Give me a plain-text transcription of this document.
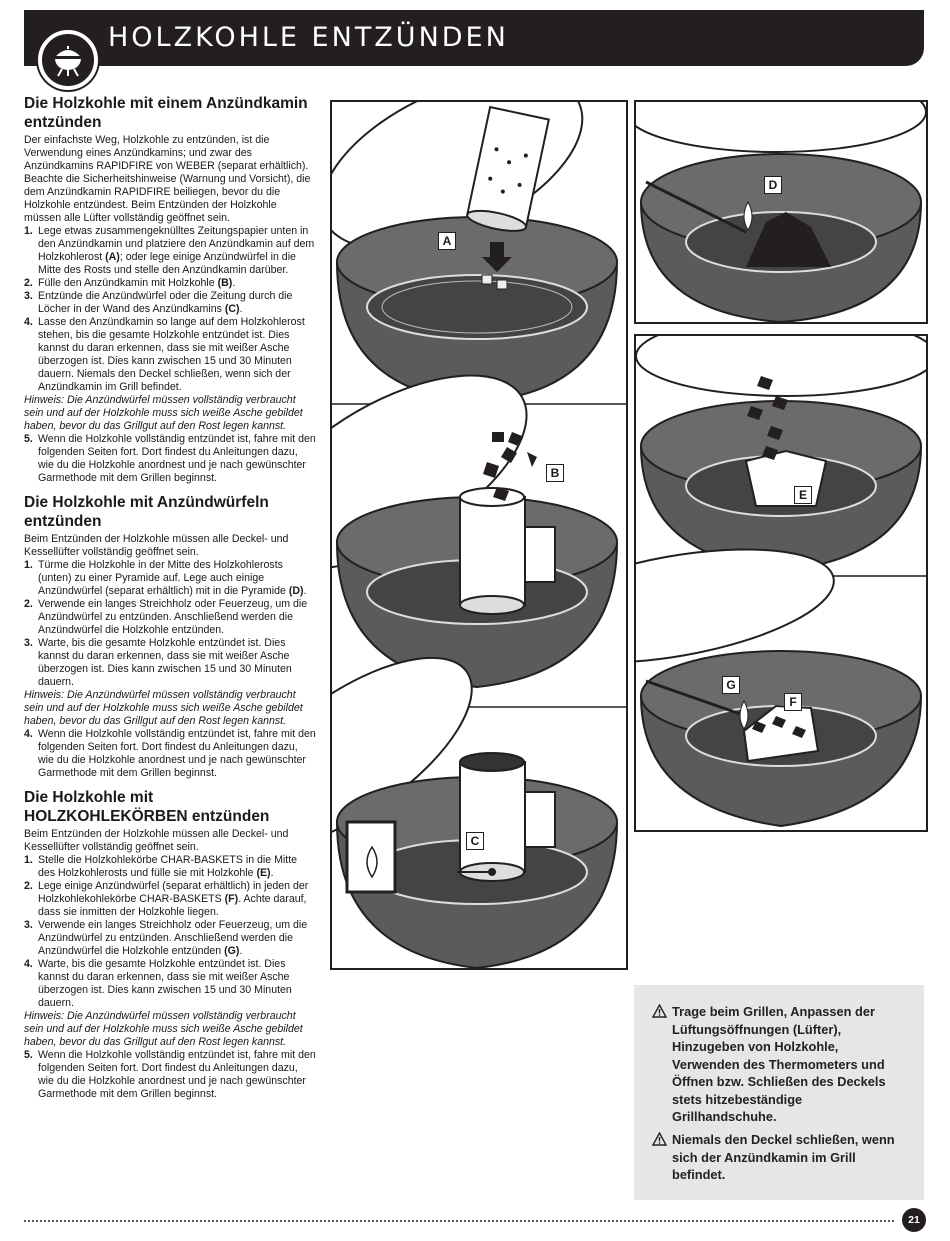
HOLZKOHLE ENTZÜNDEN
Die Holzkohle mit einem Anzündkamin entzünden

Der einfachste Weg, Holzkohle zu entzünden, ist die Verwendung eines Anzündkamins; und zwar des Anzündkamins RAPIDFIRE von WEBER (separat erhältlich). Beachte die Sicherheitshinweise (Warnung und Vorsicht), die dem Anzündkamin RAPIDFIRE beiliegen, bevor du die Holzkohle entzündest. Beim Entzünden der Holzkohle müssen alle Lüfter vollständig geöffnet sein.

1. Lege etwas zusammengeknülltes Zeitungspapier unten in den Anzündkamin und platziere den Anzündkamin auf dem Holzkohlerost (A); oder lege einige Anzündwürfel in die Mitte des Rosts und stelle den Anzündkamin darüber.
2. Fülle den Anzündkamin mit Holzkohle (B).
3. Entzünde die Anzündwürfel oder die Zeitung durch die Löcher in der Wand des Anzündkamins (C).
4. Lasse den Anzündkamin so lange auf dem Holzkohlerost stehen, bis die gesamte Holzkohle entzündet ist. Dies kannst du daran erkennen, dass sie mit weißer Asche überzogen ist. Dies kann zwischen 15 und 30 Minuten dauern. Niemals den Deckel schließen, wenn sich der Anzündkamin im Grill befindet.

Hinweis: Die Anzündwürfel müssen vollständig verbraucht sein und auf der Holzkohle muss sich weiße Asche gebildet haben, bevor du das Grillgut auf den Rost legen kannst.

5. Wenn die Holzkohle vollständig entzündet ist, fahre mit den folgenden Seiten fort. Dort findest du Anleitungen dazu, wie du die Holzkohle anordnest und je nach gewünschter Garmethode mit dem Grillen beginnst.
Die Holzkohle mit Anzündwürfeln entzünden

Beim Entzünden der Holzkohle müssen alle Deckel- und Kessellüfter vollständig geöffnet sein.

1. Türme die Holzkohle in der Mitte des Holzkohlerosts (unten) zu einer Pyramide auf. Lege auch einige Anzündwürfel (separat erhältlich) mit in die Pyramide (D).
2. Verwende ein langes Streichholz oder Feuerzeug, um die Anzündwürfel zu entzünden. Anschließend werden die Anzündwürfel die Holzkohle entzünden.
3. Warte, bis die gesamte Holzkohle entzündet ist. Dies kannst du daran erkennen, dass sie mit weißer Asche überzogen ist. Dies kann zwischen 15 und 30 Minuten dauern.

Hinweis: Die Anzündwürfel müssen vollständig verbraucht sein und auf der Holzkohle muss sich weiße Asche gebildet haben, bevor du das Grillgut auf den Rost legen kannst.

4. Wenn die Holzkohle vollständig entzündet ist, fahre mit den folgenden Seiten fort. Dort findest du Anleitungen dazu, wie du die Holzkohle anordnest und je nach gewünschter Garmethode mit dem Grillen beginnst.
Die Holzkohle mit
HOLZKOHLEKÖRBEN entzünden

Beim Entzünden der Holzkohle müssen alle Deckel- und Kessellüfter vollständig geöffnet sein.

1. Stelle die Holzkohlekörbe CHAR-BASKETS in die Mitte des Holzkohlerosts und fülle sie mit Holzkohle (E).
2. Lege einige Anzündwürfel (separat erhältlich) in jeden der Holzkohlekohlekörbe CHAR-BASKETS (F). Achte darauf, dass sie inmitten der Holzkohle liegen.
3. Verwende ein langes Streichholz oder Feuerzeug, um die Anzündwürfel zu entzünden. Anschließend werden die Anzündwürfel die Holzkohle entzünden (G).
4. Warte, bis die gesamte Holzkohle entzündet ist. Dies kannst du daran erkennen, dass sie mit weißer Asche überzogen ist. Dies kann zwischen 15 und 30 Minuten dauern.

Hinweis: Die Anzündwürfel müssen vollständig verbraucht sein und auf der Holzkohle muss sich weiße Asche gebildet haben, bevor du das Grillgut auf den Rost legen kannst.

5. Wenn die Holzkohle vollständig entzündet ist, fahre mit den folgenden Seiten fort. Dort findest du Anleitungen dazu, wie du die Holzkohle anordnest und je nach gewünschter Garmethode mit dem Grillen beginnst.
A
B
C
D
E
F
G
Trage beim Grillen, Anpassen der Lüftungsöffnungen (Lüfter), Hinzugeben von Holzkohle, Verwenden des Thermometers und Öffnen bzw. Schließen des Deckels stets hitzebeständige Grillhandschuhe.
Niemals den Deckel schließen, wenn sich der Anzündkamin im Grill befindet.
21
